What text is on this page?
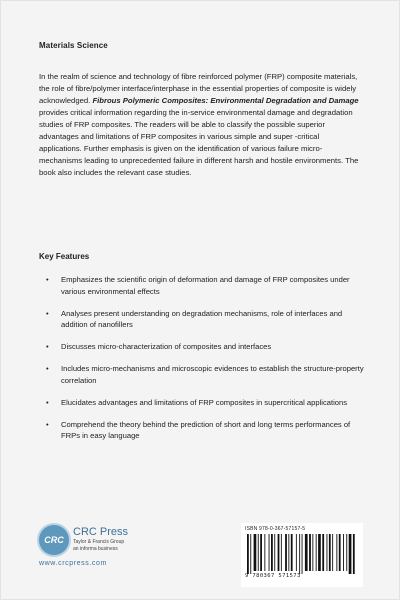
Materials Science

In the realm of science and technology of fibre reinforced polymer (FRP) composite materials, the role of fibre/polymer interface/interphase in the essential properties of composite is widely acknowledged. Fibrous Polymeric Composites: Environmental Degradation and Damage provides critical information regarding the in-service environmental damage and degradation studies of FRP composites. The readers will be able to classify the possible superior advantages and limitations of FRP composites in various simple and super -critical applications. Further emphasis is given on the identification of various failure micro-mechanisms leading to unprecedented failure in different harsh and hostile environments. The book also includes the relevant case studies.

Key Features
• Emphasizes the scientific origin of deformation and damage of FRP composites under various environmental effects
• Analyses present understanding on degradation mechanisms, role of interfaces and addition of nanofillers
• Discusses micro-characterization of composites and interfaces
• Includes micro-mechanisms and microscopic evidences to establish the structure-property correlation
• Elucidates advantages and limitations of FRP composites in supercritical applications
• Comprehend the theory behind the prediction of short and long terms performances of FRPs in easy language
CRC
CRC Press
Taylor & Francis Group
an informa business
www.crcpress.com
ISBN 978-0-367-57157-5
9 780367 571573
